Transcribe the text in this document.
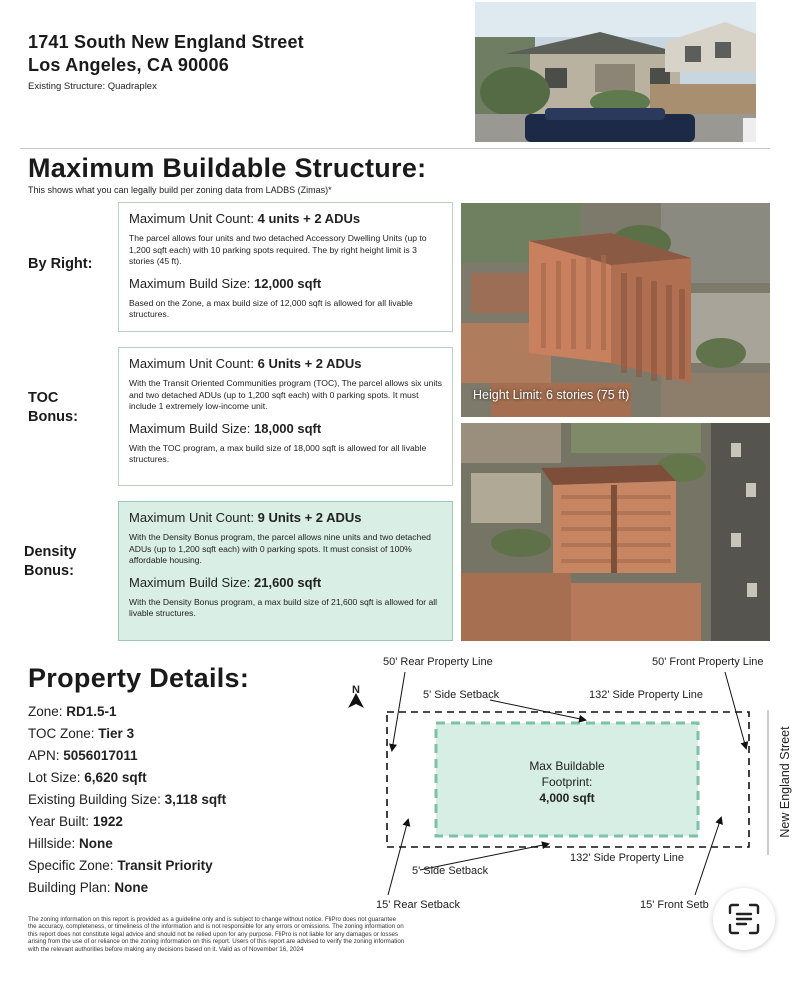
1741 South New England Street
Los Angeles, CA 90006
Existing Structure: Quadraplex
Maximum Buildable Structure:
This shows what you can legally build per zoning data from LADBS (Zimas)*
By Right:
Maximum Unit Count: 4 units + 2 ADUs
The parcel allows four units and two detached Accessory Dwelling Units (up to 1,200 sqft each) with 10 parking spots required. The by right height limit is 3 stories (45 ft).
Maximum Build Size: 12,000 sqft
Based on the Zone, a max build size of 12,000 sqft is allowed for all livable structures.
TOC
Bonus:
Maximum Unit Count: 6 Units + 2 ADUs
With the Transit Oriented Communities program (TOC), The parcel allows six units and two detached ADUs (up to 1,200 sqft each) with 0 parking spots. It must include 1 extremely low-income unit.
Maximum Build Size: 18,000 sqft
With the TOC program, a max build size of 18,000 sqft is allowed for all livable structures.
Density
Bonus:
Maximum Unit Count: 9 Units + 2 ADUs
With the Density Bonus program, the parcel allows nine units and two detached ADUs (up to 1,200 sqft each) with 0 parking spots. It must consist of 100% affordable housing.
Maximum Build Size: 21,600 sqft
With the Density Bonus program, a max build size of 21,600 sqft is allowed for all livable structures.
Height Limit: 6 stories (75 ft)
Property Details:
Zone: RD1.5-1
TOC Zone: Tier 3
APN: 5056017011
Lot Size: 6,620 sqft
Existing Building Size: 3,118 sqft
Year Built: 1922
Hillside: None
Specific Zone: Transit Priority
Building Plan: None
The zoning information on this report is provided as a guideline only and is subject to change without notice. FliPro does not guarantee the accuracy, completeness, or timeliness of the information and is not responsible for any errors or omissions. The zoning information on this report does not constitute legal advice and should not be relied upon for any purpose. FliPro is not liable for any damages or losses arising from the use of or reliance on the zoning information on this report. Users of this report are advised to verify the zoning information with the relevant authorities before making any decisions based on it. Valid as of November 16, 2024
N
50' Rear Property Line	50' Front Property Line
5' Side Setback	132' Side Property Line
Max Buildable
Footprint:
4,000 sqft	New England Street
5' Side Setback
132' Side Property Line
15' Rear Setback	15' Front Setb
